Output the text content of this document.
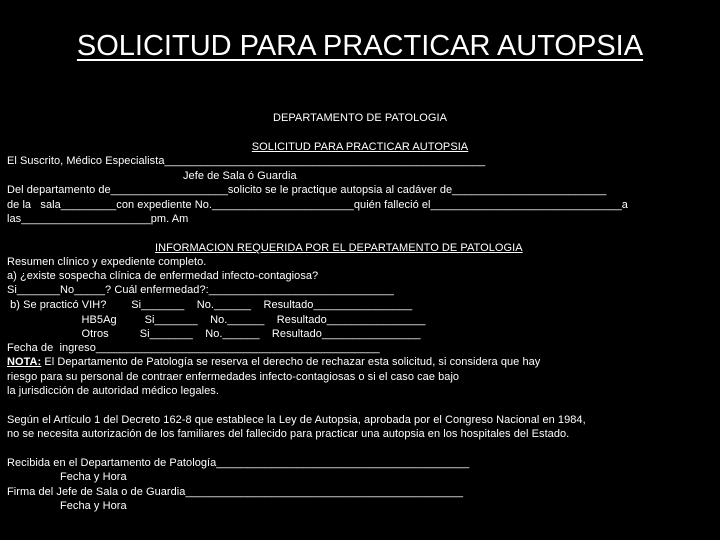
SOLICITUD PARA PRACTICAR AUTOPSIA
DEPARTAMENTO DE PATOLOGIA
SOLICITUD PARA PRACTICAR AUTOPSIA
El Suscrito, Médico Especialista____________________________________________________
Jefe de Sala ó Guardia
Del departamento de___________________solicito se le practique autopsia al cadáver de_________________________
de la   sala_________con expediente No._______________________quién falleció el_______________________________a
las_____________________pm. Am
INFORMACION REQUERIDA POR EL DEPARTAMENTO DE PATOLOGIA
Resumen clínico y expediente completo.
a) ¿existe sospecha clínica de enfermedad infecto-contagiosa?
Si_______No_____? Cuál enfermedad?:______________________________
b) Se practicó VIH?        Si_______    No.______    Resultado________________
HB5Ag         Si_______    No.______    Resultado________________
Otros          Si_______    No.______    Resultado________________
Fecha de  ingreso______________________________________________
NOTA: El Departamento de Patología se reserva el derecho de rechazar esta solicitud, si considera que hay
riesgo para su personal de contraer enfermedades infecto-contagiosas o si el caso cae bajo
la jurisdicción de autoridad médico legales.
Según el Artículo 1 del Decreto 162-8 que establece la Ley de Autopsia, aprobada por el Congreso Nacional en 1984,
no se necesita autorización de los familiares del fallecido para practicar una autopsia en los hospitales del Estado.
Recibida en el Departamento de Patología_________________________________________
Fecha y Hora
Firma del Jefe de Sala o de Guardia_____________________________________________
Fecha y Hora
